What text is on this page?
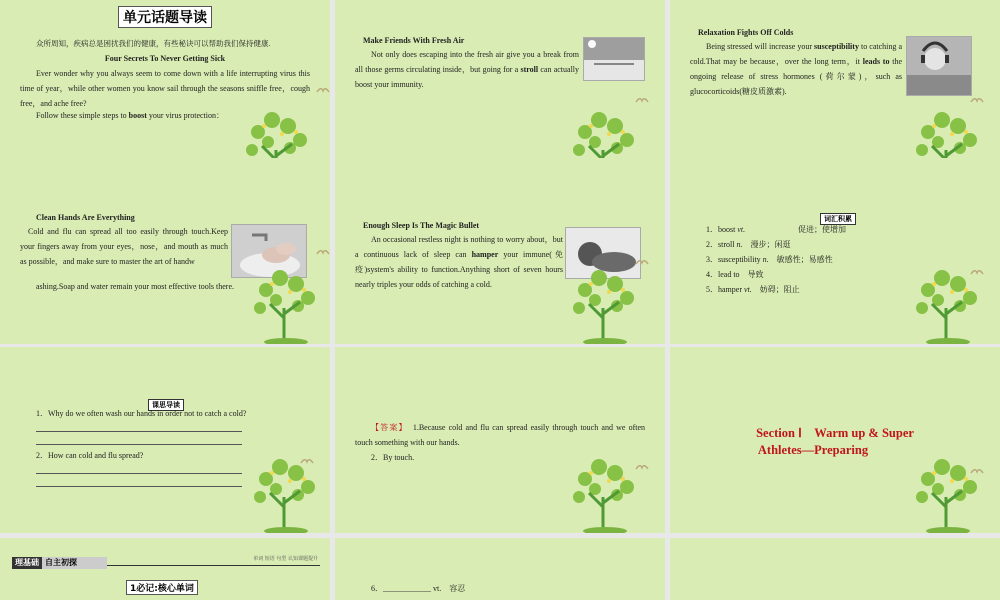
单元话题导读
众所周知，疾病总是困扰我们的健康，有些秘诀可以帮助我们保持健康.
Four Secrets To Never Getting Sick
Ever wonder why you always seem to come down with a life interrupting virus this time of year，while other women you know sail through the seasons sniffle free，cough free，and ache free?
Follow these simple steps to boost your virus protection：
Make Friends With Fresh Air
Not only does escaping into the fresh air give you a break from all those germs circulating inside，but going for a stroll can actually boost your immunity.
Relaxation Fights Off Colds
Being stressed will increase your susceptibility to catching a cold.That may be because，over the long term，it leads to the ongoing release of stress hormones (荷尔蒙)，such as glucocorticoids(糖皮质激素).
Clean Hands Are Everything
Cold and flu can spread all too easily through touch.Keep your fingers away from your eyes，nose，and mouth as much as possible，and make sure to master the art of handw
ashing.Soap and water remain your most effective tools there.
Enough Sleep Is The Magic Bullet
An occasional restless night is nothing to worry about，but a continuous lack of sleep can hamper your immune(免疫)system's ability to function.Anything short of seven hours nearly triples your odds of catching a cold.
词汇积累
1．boost vt.	促进；使增加
2．stroll n.　 漫步；闲逛
3．susceptibility n.　 敏感性；易感性
4．lead to　 导致
5．hamper vt.　 妨碍；阻止
课思导读
1．Why do we often wash our hands in order not to catch a cold?
2．How can cold and flu spread?
【答案】　 1.Because cold and flu can spread easily through touch and we often touch something with our hands.
2．By touch.
Section Ⅰ　Warm up & Super
Athletes—Preparing
理基础 自主初探	单词 短语 句型 认知课题提升
1必记:核心单词	6．____________ vt.　容忍
